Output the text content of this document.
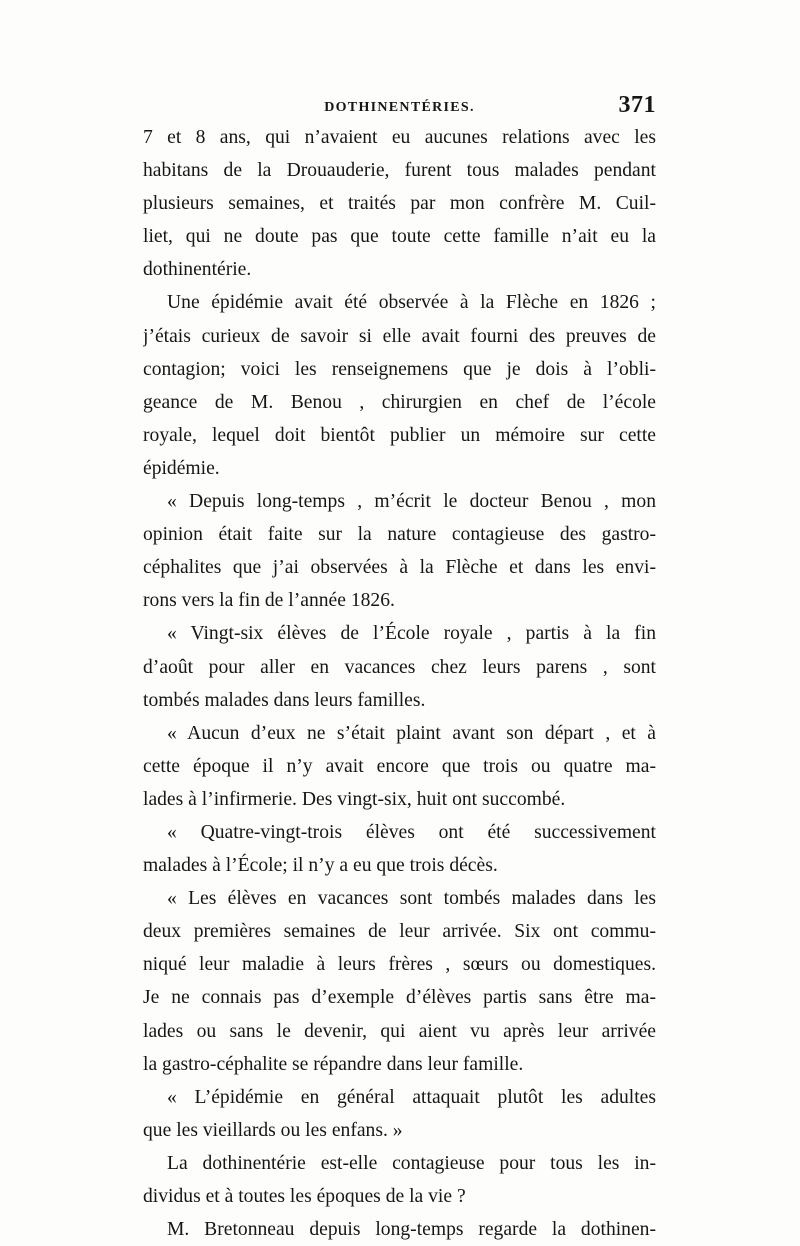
DOTHINENTÉRIES.	371
7 et 8 ans, qui n’avaient eu aucunes relations avec les
habitans de la Drouauderie, furent tous malades pendant
plusieurs semaines, et traités par mon confrère M. Cuil-
liet, qui ne doute pas que toute cette famille n’ait eu la
dothinentérie.
Une épidémie avait été observée à la Flèche en 1826 ;
j’étais curieux de savoir si elle avait fourni des preuves de
contagion; voici les renseignemens que je dois à l’obli-
geance de M. Benou , chirurgien en chef de l’école
royale, lequel doit bientôt publier un mémoire sur cette
épidémie.
« Depuis long-temps , m’écrit le docteur Benou , mon
opinion était faite sur la nature contagieuse des gastro-
céphalites que j’ai observées à la Flèche et dans les envi-
rons vers la fin de l’année 1826.
« Vingt-six élèves de l’École royale , partis à la fin
d’août pour aller en vacances chez leurs parens , sont
tombés malades dans leurs familles.
« Aucun d’eux ne s’était plaint avant son départ , et à
cette époque il n’y avait encore que trois ou quatre ma-
lades à l’infirmerie. Des vingt-six, huit ont succombé.
« Quatre-vingt-trois élèves ont été successivement
malades à l’École; il n’y a eu que trois décès.
« Les élèves en vacances sont tombés malades dans les
deux premières semaines de leur arrivée. Six ont commu-
niqué leur maladie à leurs frères , sœurs ou domestiques.
Je ne connais pas d’exemple d’élèves partis sans être ma-
lades ou sans le devenir, qui aient vu après leur arrivée
la gastro-céphalite se répandre dans leur famille.
« L’épidémie en général attaquait plutôt les adultes
que les vieillards ou les enfans. »
La dothinentérie est-elle contagieuse pour tous les in-
dividus et à toutes les époques de la vie ?
M. Bretonneau depuis long-temps regarde la dothinen-
